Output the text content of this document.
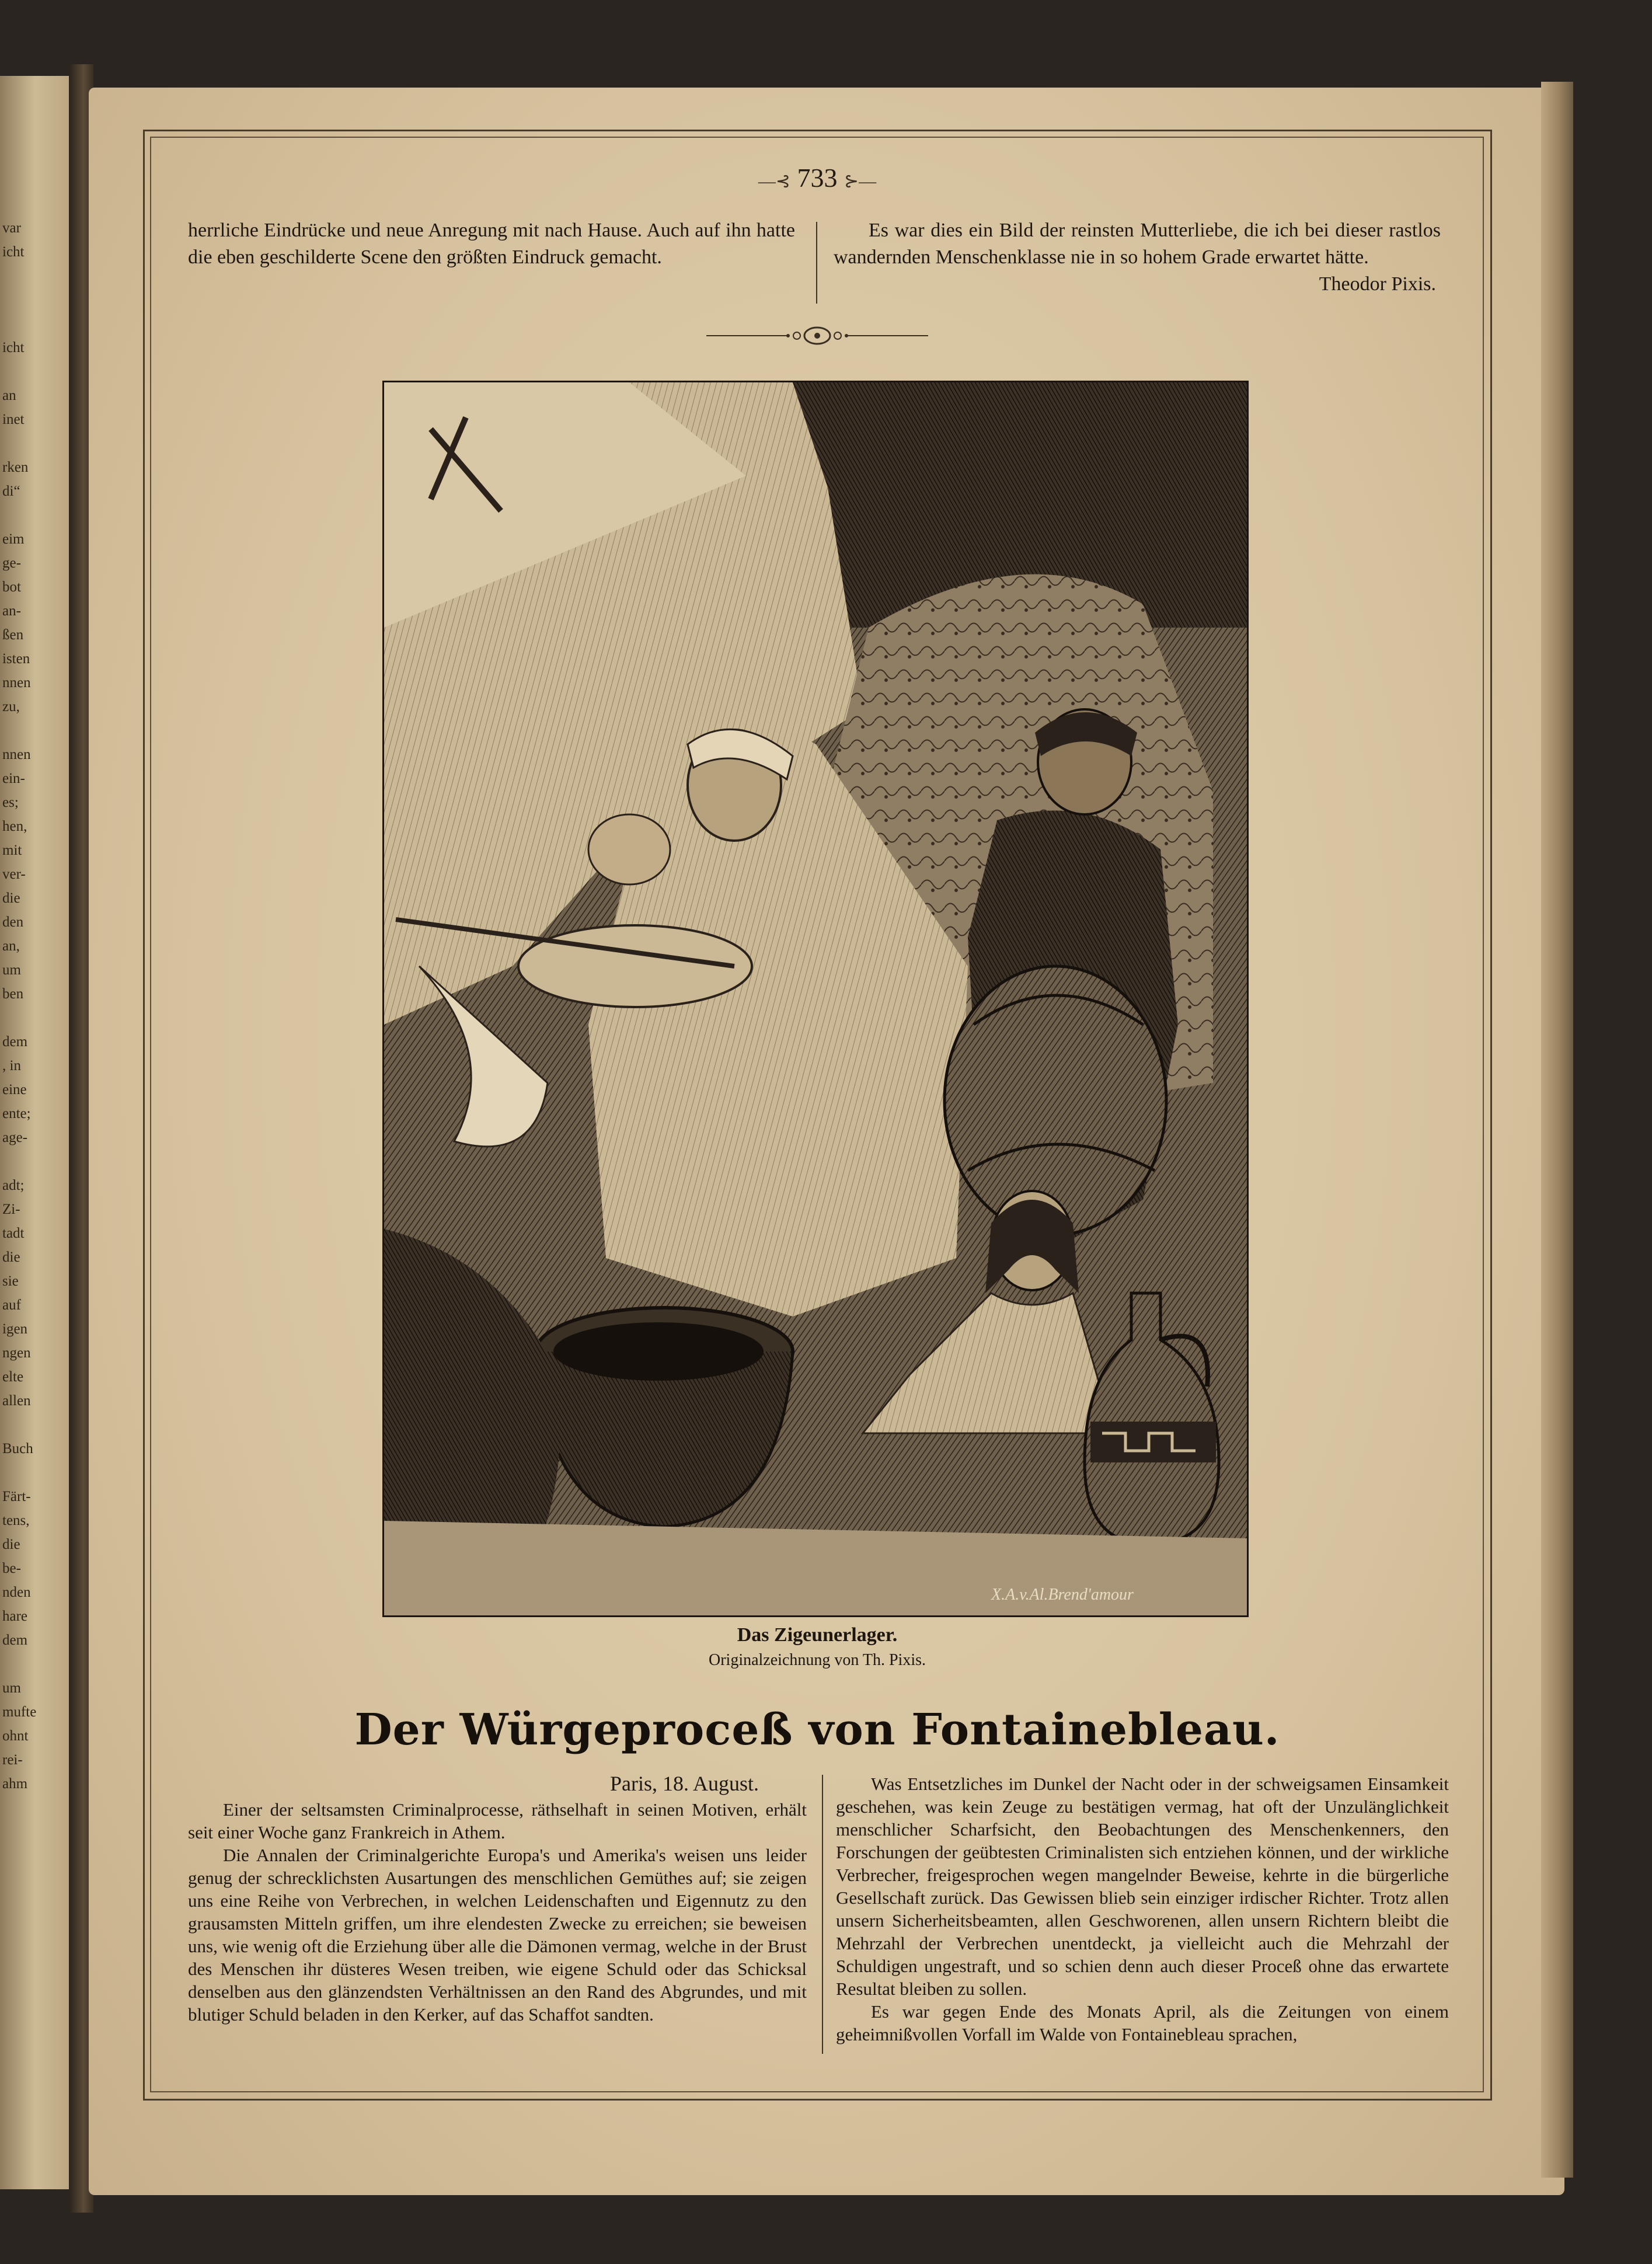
var
icht

icht

an
inet

rken
di“

eim
ge-
bot
an-
ßen
isten
nnen
zu,

nnen
ein-
es;
hen,
mit
ver-
die
den
an,
um
ben

dem
, in
eine
ente;
age-

adt;
Zi-
tadt
die
sie
auf
igen
ngen
elte
allen

Buch

Färt-
tens,
die
be-
nden
hare
dem

um
mufte
ohnt
rei-
ahm
—⊰ 733 ⊱—
herrliche Eindrücke und neue Anregung mit nach Hause. Auch auf ihn hatte die eben geschilderte Scene den größten Eindruck gemacht.
Es war dies ein Bild der reinsten Mutterliebe, die ich bei dieser rastlos wandernden Menschenklasse nie in so hohem Grade erwartet hätte.
Theodor Pixis.
X.A.v.Al.Brend'amour
Das Zigeunerlager.
Originalzeichnung von Th. Pixis.
Der Würgeproceß von Fontainebleau.
Paris, 18. August.
Einer der seltsamsten Criminalprocesse, räthselhaft in seinen Motiven, erhält seit einer Woche ganz Frankreich in Athem.
Die Annalen der Criminalgerichte Europa's und Amerika's weisen uns leider genug der schrecklichsten Ausartungen des menschlichen Gemüthes auf; sie zeigen uns eine Reihe von Verbrechen, in welchen Leidenschaften und Eigennutz zu den grausamsten Mitteln griffen, um ihre elendesten Zwecke zu erreichen; sie beweisen uns, wie wenig oft die Erziehung über alle die Dämonen vermag, welche in der Brust des Menschen ihr düsteres Wesen treiben, wie eigene Schuld oder das Schicksal denselben aus den glänzendsten Verhältnissen an den Rand des Abgrundes, und mit blutiger Schuld beladen in den Kerker, auf das Schaffot sandten.
Was Entsetzliches im Dunkel der Nacht oder in der schweigsamen Einsamkeit geschehen, was kein Zeuge zu bestätigen vermag, hat oft der Unzulänglichkeit menschlicher Scharfsicht, den Beobachtungen des Menschenkenners, den Forschungen der geübtesten Criminalisten sich entziehen können, und der wirkliche Verbrecher, freigesprochen wegen mangelnder Beweise, kehrte in die bürgerliche Gesellschaft zurück. Das Gewissen blieb sein einziger irdischer Richter. Trotz allen unsern Sicherheitsbeamten, allen Geschworenen, allen unsern Richtern bleibt die Mehrzahl der Verbrechen unentdeckt, ja vielleicht auch die Mehrzahl der Schuldigen ungestraft, und so schien denn auch dieser Proceß ohne das erwartete Resultat bleiben zu sollen.
Es war gegen Ende des Monats April, als die Zeitungen von einem geheimnißvollen Vorfall im Walde von Fontainebleau sprachen,
